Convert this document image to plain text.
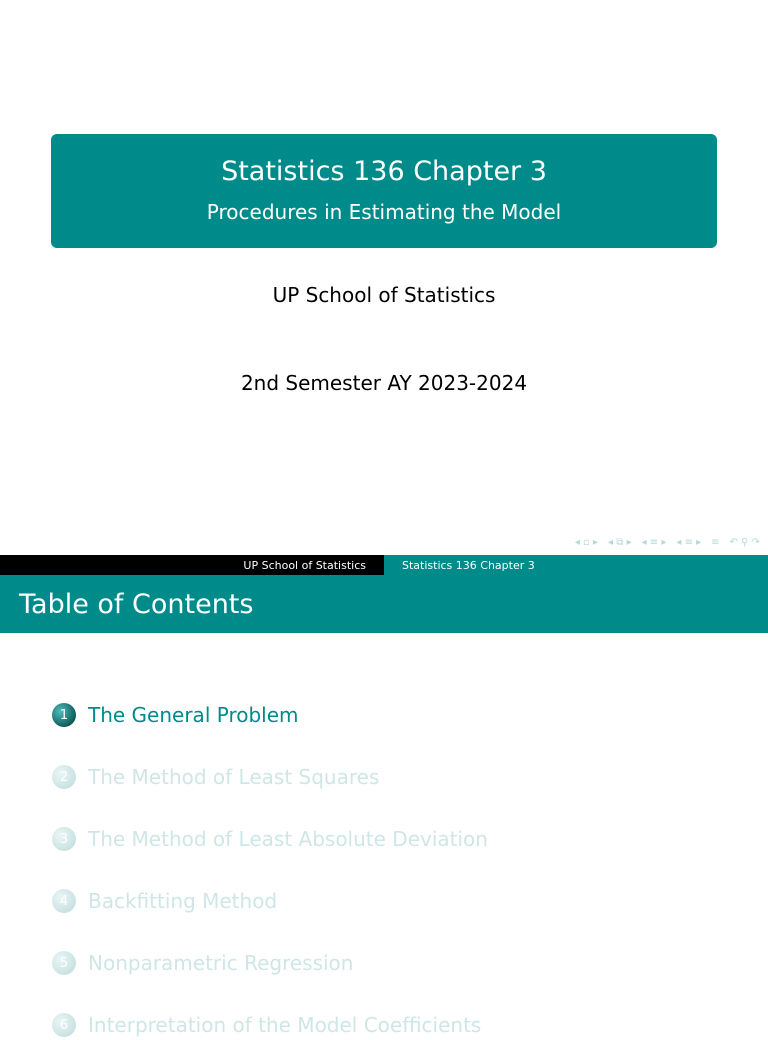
Statistics 136 Chapter 3
Procedures in Estimating the Model
UP School of Statistics
2nd Semester AY 2023-2024
◂ ▫ ▸ ◂ ⧉ ▸ ◂ ≡ ▸ ◂ ≡ ▸ ≡ ↶ ⚲ ↷
UP School of Statistics	Statistics 136 Chapter 3
Table of Contents
1 The General Problem
2 The Method of Least Squares
3 The Method of Least Absolute Deviation
4 Backfitting Method
5 Nonparametric Regression
6 Interpretation of the Model Coefficients
